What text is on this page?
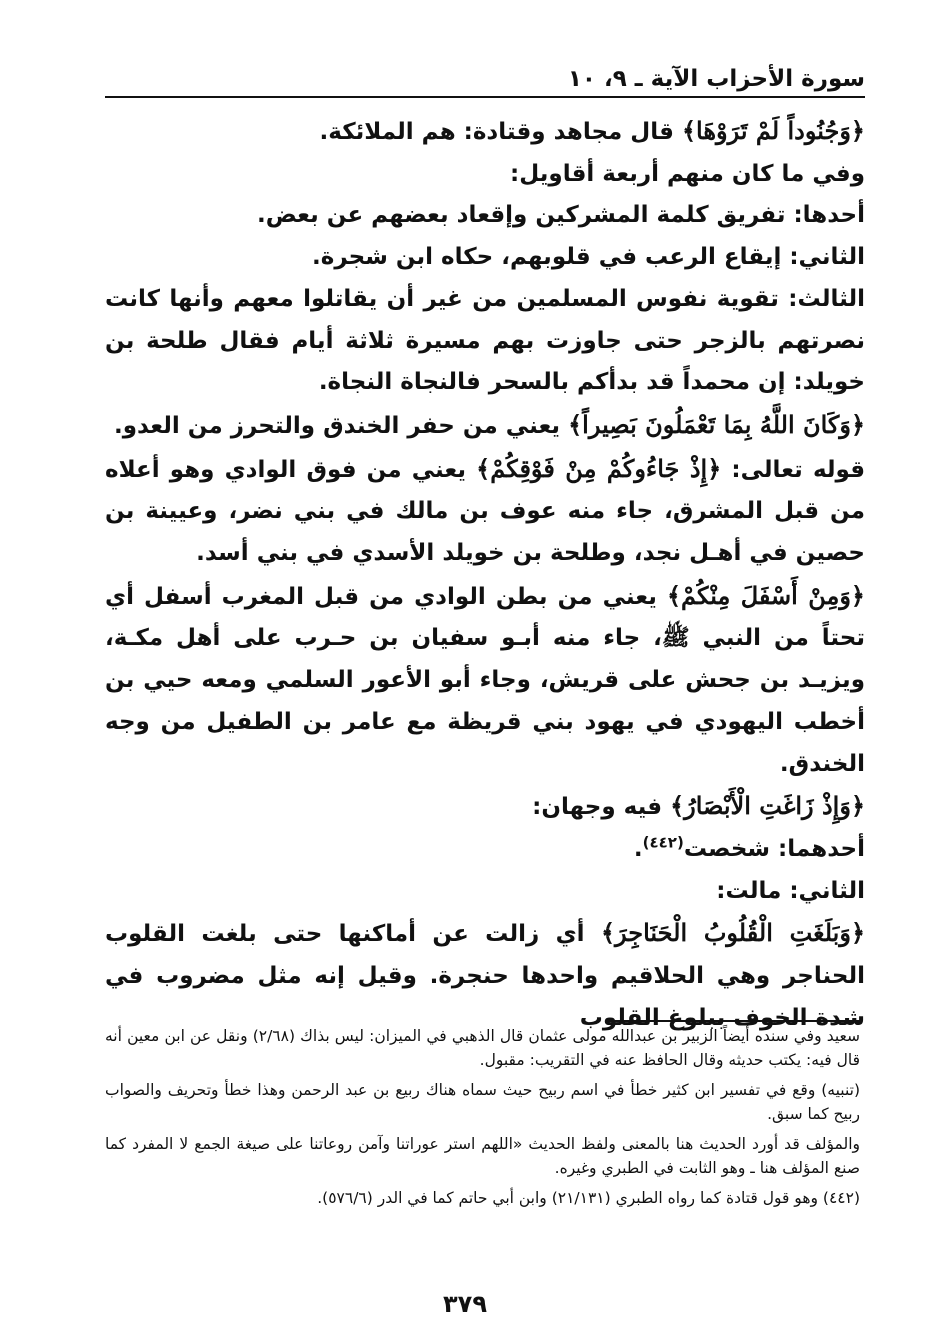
سورة الأحزاب الآية ـ ٩، ١٠

﴿وَجُنُوداً لَمْ تَرَوْهَا﴾ قال مجاهد وقتادة: هم الملائكة.

وفي ما كان منهم أربعة أقاويل:

أحدها: تفريق كلمة المشركين وإقعاد بعضهم عن بعض.

الثاني: إيقاع الرعب في قلوبهم، حكاه ابن شجرة.

الثالث: تقوية نفوس المسلمين من غير أن يقاتلوا معهم وأنها كانت نصرتهم بالزجر حتى جاوزت بهم مسيرة ثلاثة أيام فقال طلحة بن خويلد: إن محمداً قد بدأكم بالسحر فالنجاة النجاة.

﴿وَكَانَ اللَّهُ بِمَا تَعْمَلُونَ بَصِيراً﴾ يعني من حفر الخندق والتحرز من العدو.

قوله تعالى: ﴿إِذْ جَاءُوكُمْ مِنْ فَوْقِكُمْ﴾ يعني من فوق الوادي وهو أعلاه من قبل المشرق، جاء منه عوف بن مالك في بني نضر، وعيينة بن حصين في أهـل نجد، وطلحة بن خويلد الأسدي في بني أسد.

﴿وَمِنْ أَسْفَلَ مِنْكُمْ﴾ يعني من بطن الوادي من قبل المغرب أسفل أي تحتاً من النبي ﷺ، جاء منه أبـو سفيان بن حـرب على أهل مكـة، ويزيـد بن جحش على قريش، وجاء أبو الأعور السلمي ومعه حيي بن أخطب اليهودي في يهود بني قريظة مع عامر بن الطفيل من وجه الخندق.

﴿وَإِذْ زَاغَتِ الْأَبْصَارُ﴾ فيه وجهان:

أحدهما: شخصت$^{(٤٤٢)}$.

الثاني: مالت:

﴿وَبَلَغَتِ الْقُلُوبُ الْحَنَاجِرَ﴾ أي زالت عن أماكنها حتى بلغت القلوب الحناجر وهي الحلاقيم واحدها حنجرة. وقيل إنه مثل مضروب في شدة الخوف ببلوغ القلوب

سعيد وفي سنده أيضاً الزبير بن عبدالله مولى عثمان قال الذهبي في الميزان: ليس بذاك (٢/٦٨) ونقل عن ابن معين أنه قال فيه: يكتب حديثه وقال الحافظ عنه في التقريب: مقبول.

(تنبيه) وقع في تفسير ابن كثير خطأ في اسم ربيح حيث سماه هناك ربيع بن عبد الرحمن وهذا خطأ وتحريف والصواب ربيح كما سبق.

والمؤلف قد أورد الحديث هنا بالمعنى ولفظ الحديث «اللهم استر عوراتنا وآمن روعاتنا على صيغة الجمع لا المفرد كما صنع المؤلف هنا ـ وهو الثابت في الطبري وغيره.

(٤٤٢) وهو قول قتادة كما رواه الطبري (٢١/١٣١) وابن أبي حاتم كما في الدر (٥٧٦/٦).

٣٧٩
